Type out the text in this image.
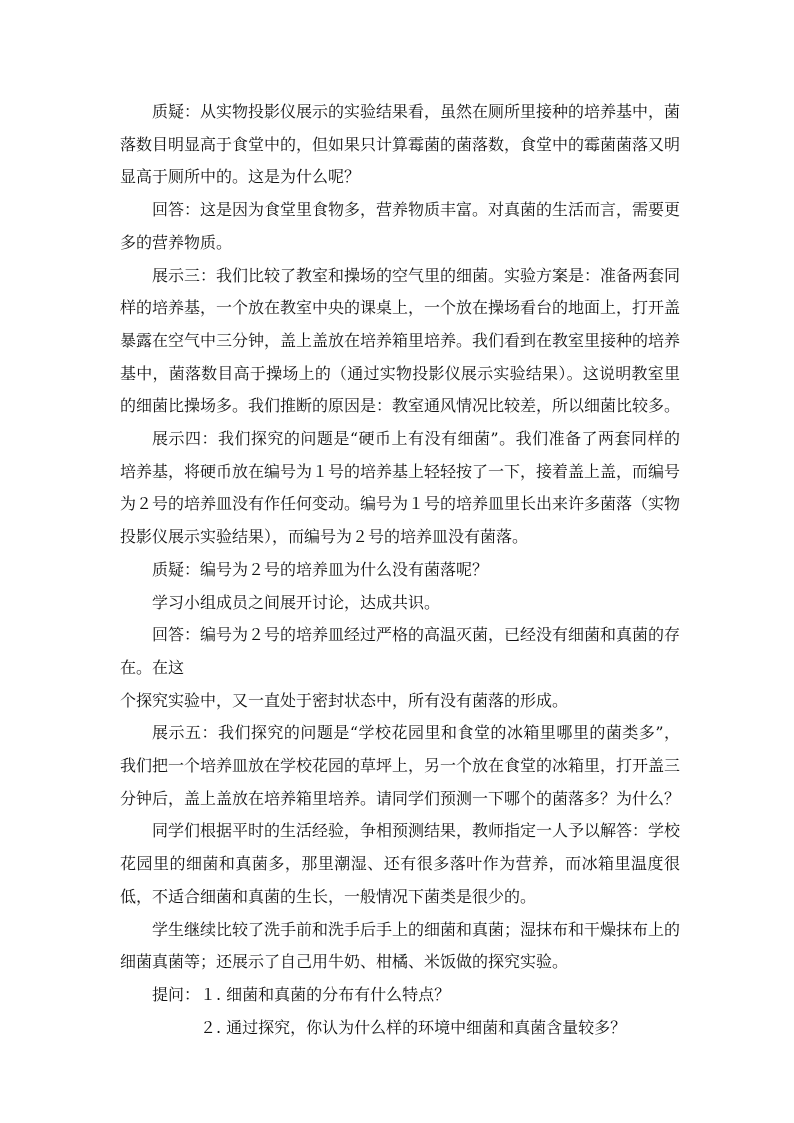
质疑：从实物投影仪展示的实验结果看，虽然在厕所里接种的培养基中，菌落数目明显高于食堂中的，但如果只计算霉菌的菌落数，食堂中的霉菌菌落又明显高于厕所中的。这是为什么呢？

回答：这是因为食堂里食物多，营养物质丰富。对真菌的生活而言，需要更多的营养物质。

展示三：我们比较了教室和操场的空气里的细菌。实验方案是：准备两套同样的培养基，一个放在教室中央的课桌上，一个放在操场看台的地面上，打开盖暴露在空气中三分钟，盖上盖放在培养箱里培养。我们看到在教室里接种的培养基中，菌落数目高于操场上的（通过实物投影仪展示实验结果）。这说明教室里的细菌比操场多。我们推断的原因是：教室通风情况比较差，所以细菌比较多。

展示四：我们探究的问题是“硬币上有没有细菌”。我们准备了两套同样的培养基，将硬币放在编号为１号的培养基上轻轻按了一下，接着盖上盖，而编号为２号的培养皿没有作任何变动。编号为１号的培养皿里长出来许多菌落（实物投影仪展示实验结果），而编号为２号的培养皿没有菌落。

质疑：编号为２号的培养皿为什么没有菌落呢？

学习小组成员之间展开讨论，达成共识。

回答：编号为２号的培养皿经过严格的高温灭菌，已经没有细菌和真菌的存在。在这

个探究实验中，又一直处于密封状态中，所有没有菌落的形成。

展示五：我们探究的问题是“学校花园里和食堂的冰箱里哪里的菌类多”，我们把一个培养皿放在学校花园的草坪上，另一个放在食堂的冰箱里，打开盖三分钟后，盖上盖放在培养箱里培养。请同学们预测一下哪个的菌落多？为什么？

同学们根据平时的生活经验，争相预测结果，教师指定一人予以解答：学校花园里的细菌和真菌多，那里潮湿、还有很多落叶作为营养，而冰箱里温度很低，不适合细菌和真菌的生长，一般情况下菌类是很少的。

学生继续比较了洗手前和洗手后手上的细菌和真菌；湿抹布和干燥抹布上的细菌真菌等；还展示了自己用牛奶、柑橘、米饭做的探究实验。

提问：１. 细菌和真菌的分布有什么特点？

２. 通过探究，你认为什么样的环境中细菌和真菌含量较多？
